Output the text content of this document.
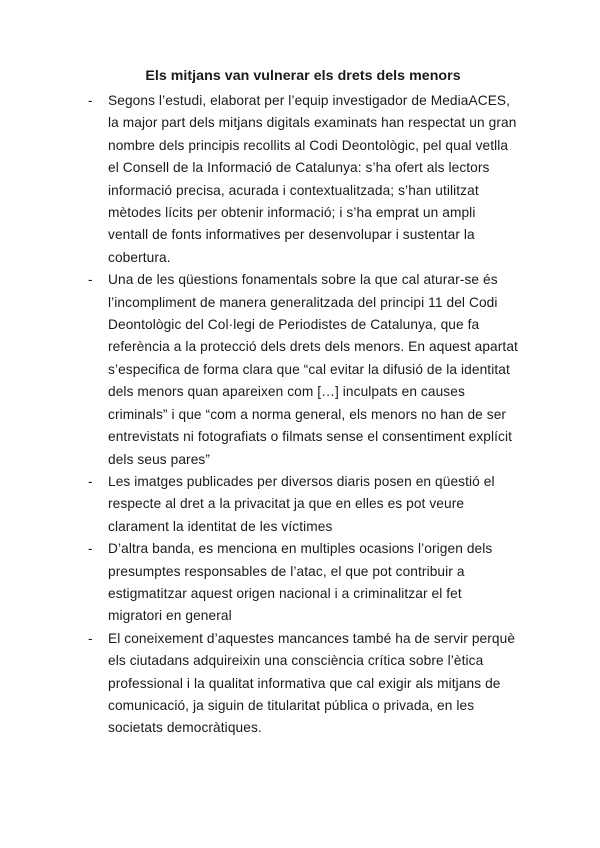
Els mitjans van vulnerar els drets dels menors
- Segons l’estudi, elaborat per l’equip investigador de MediaACES, la major part dels mitjans digitals examinats han respectat un gran nombre dels principis recollits al Codi Deontològic, pel qual vetlla el Consell de la Informació de Catalunya: s’ha ofert als lectors informació precisa, acurada i contextualitzada; s’han utilitzat mètodes lícits per obtenir informació; i s’ha emprat un ampli ventall de fonts informatives per desenvolupar i sustentar la cobertura.
- Una de les qüestions fonamentals sobre la que cal aturar-se és l’incompliment de manera generalitzada del principi 11 del Codi Deontològic del Col·legi de Periodistes de Catalunya, que fa referència a la protecció dels drets dels menors. En aquest apartat s’especifica de forma clara que “cal evitar la difusió de la identitat dels menors quan apareixen com […] inculpats en causes criminals” i que “com a norma general, els menors no han de ser entrevistats ni fotografiats o filmats sense el consentiment explícit dels seus pares”
- Les imatges publicades per diversos diaris posen en qüestió el respecte al dret a la privacitat ja que en elles es pot veure clarament la identitat de les víctimes
- D’altra banda, es menciona en multiples ocasions l’origen dels presumptes responsables de l’atac, el que pot contribuir a estigmatitzar aquest origen nacional i a criminalitzar el fet migratori en general
- El coneixement d’aquestes mancances també ha de servir perquè els ciutadans adquireixin una consciència crítica sobre l’ètica professional i la qualitat informativa que cal exigir als mitjans de comunicació, ja siguin de titularitat pública o privada, en les societats democràtiques.
